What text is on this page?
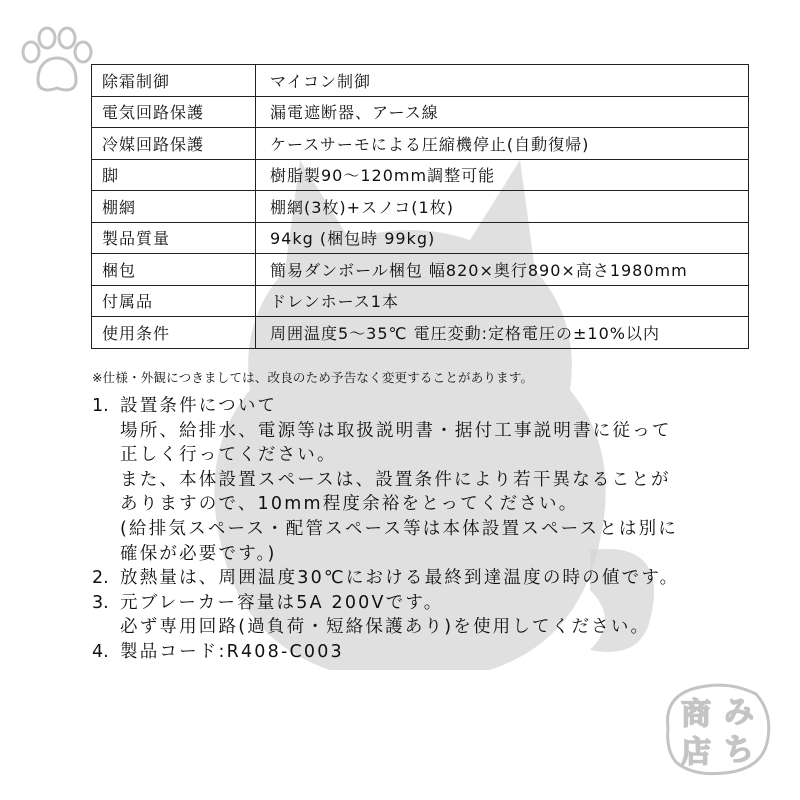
除霜制御	マイコン制御
電気回路保護	漏電遮断器、アース線
冷媒回路保護	ケースサーモによる圧縮機停止(自動復帰)
脚	樹脂製90〜120mm調整可能
棚網	棚網(3枚)+スノコ(1枚)
製品質量	94kg (梱包時 99kg)
梱包	簡易ダンボール梱包 幅820×奥行890×高さ1980mm
付属品	ドレンホース1本
使用条件	周囲温度5〜35℃ 電圧変動:定格電圧の±10%以内
※仕様・外観につきましては、改良のため予告なく変更することがあります。
1. 設置条件について
場所、給排水、電源等は取扱説明書・据付工事説明書に従って
正しく行ってください。
また、本体設置スペースは、設置条件により若干異なることが
ありますので、10mm程度余裕をとってください。
(給排気スペース・配管スペース等は本体設置スペースとは別に
確保が必要です。)
2. 放熱量は、周囲温度30℃における最終到達温度の時の値です。
3. 元ブレーカー容量は5A 200Vです。
必ず専用回路(過負荷・短絡保護あり)を使用してください。
4. 製品コード:R408-C003
み
ち
商
店
